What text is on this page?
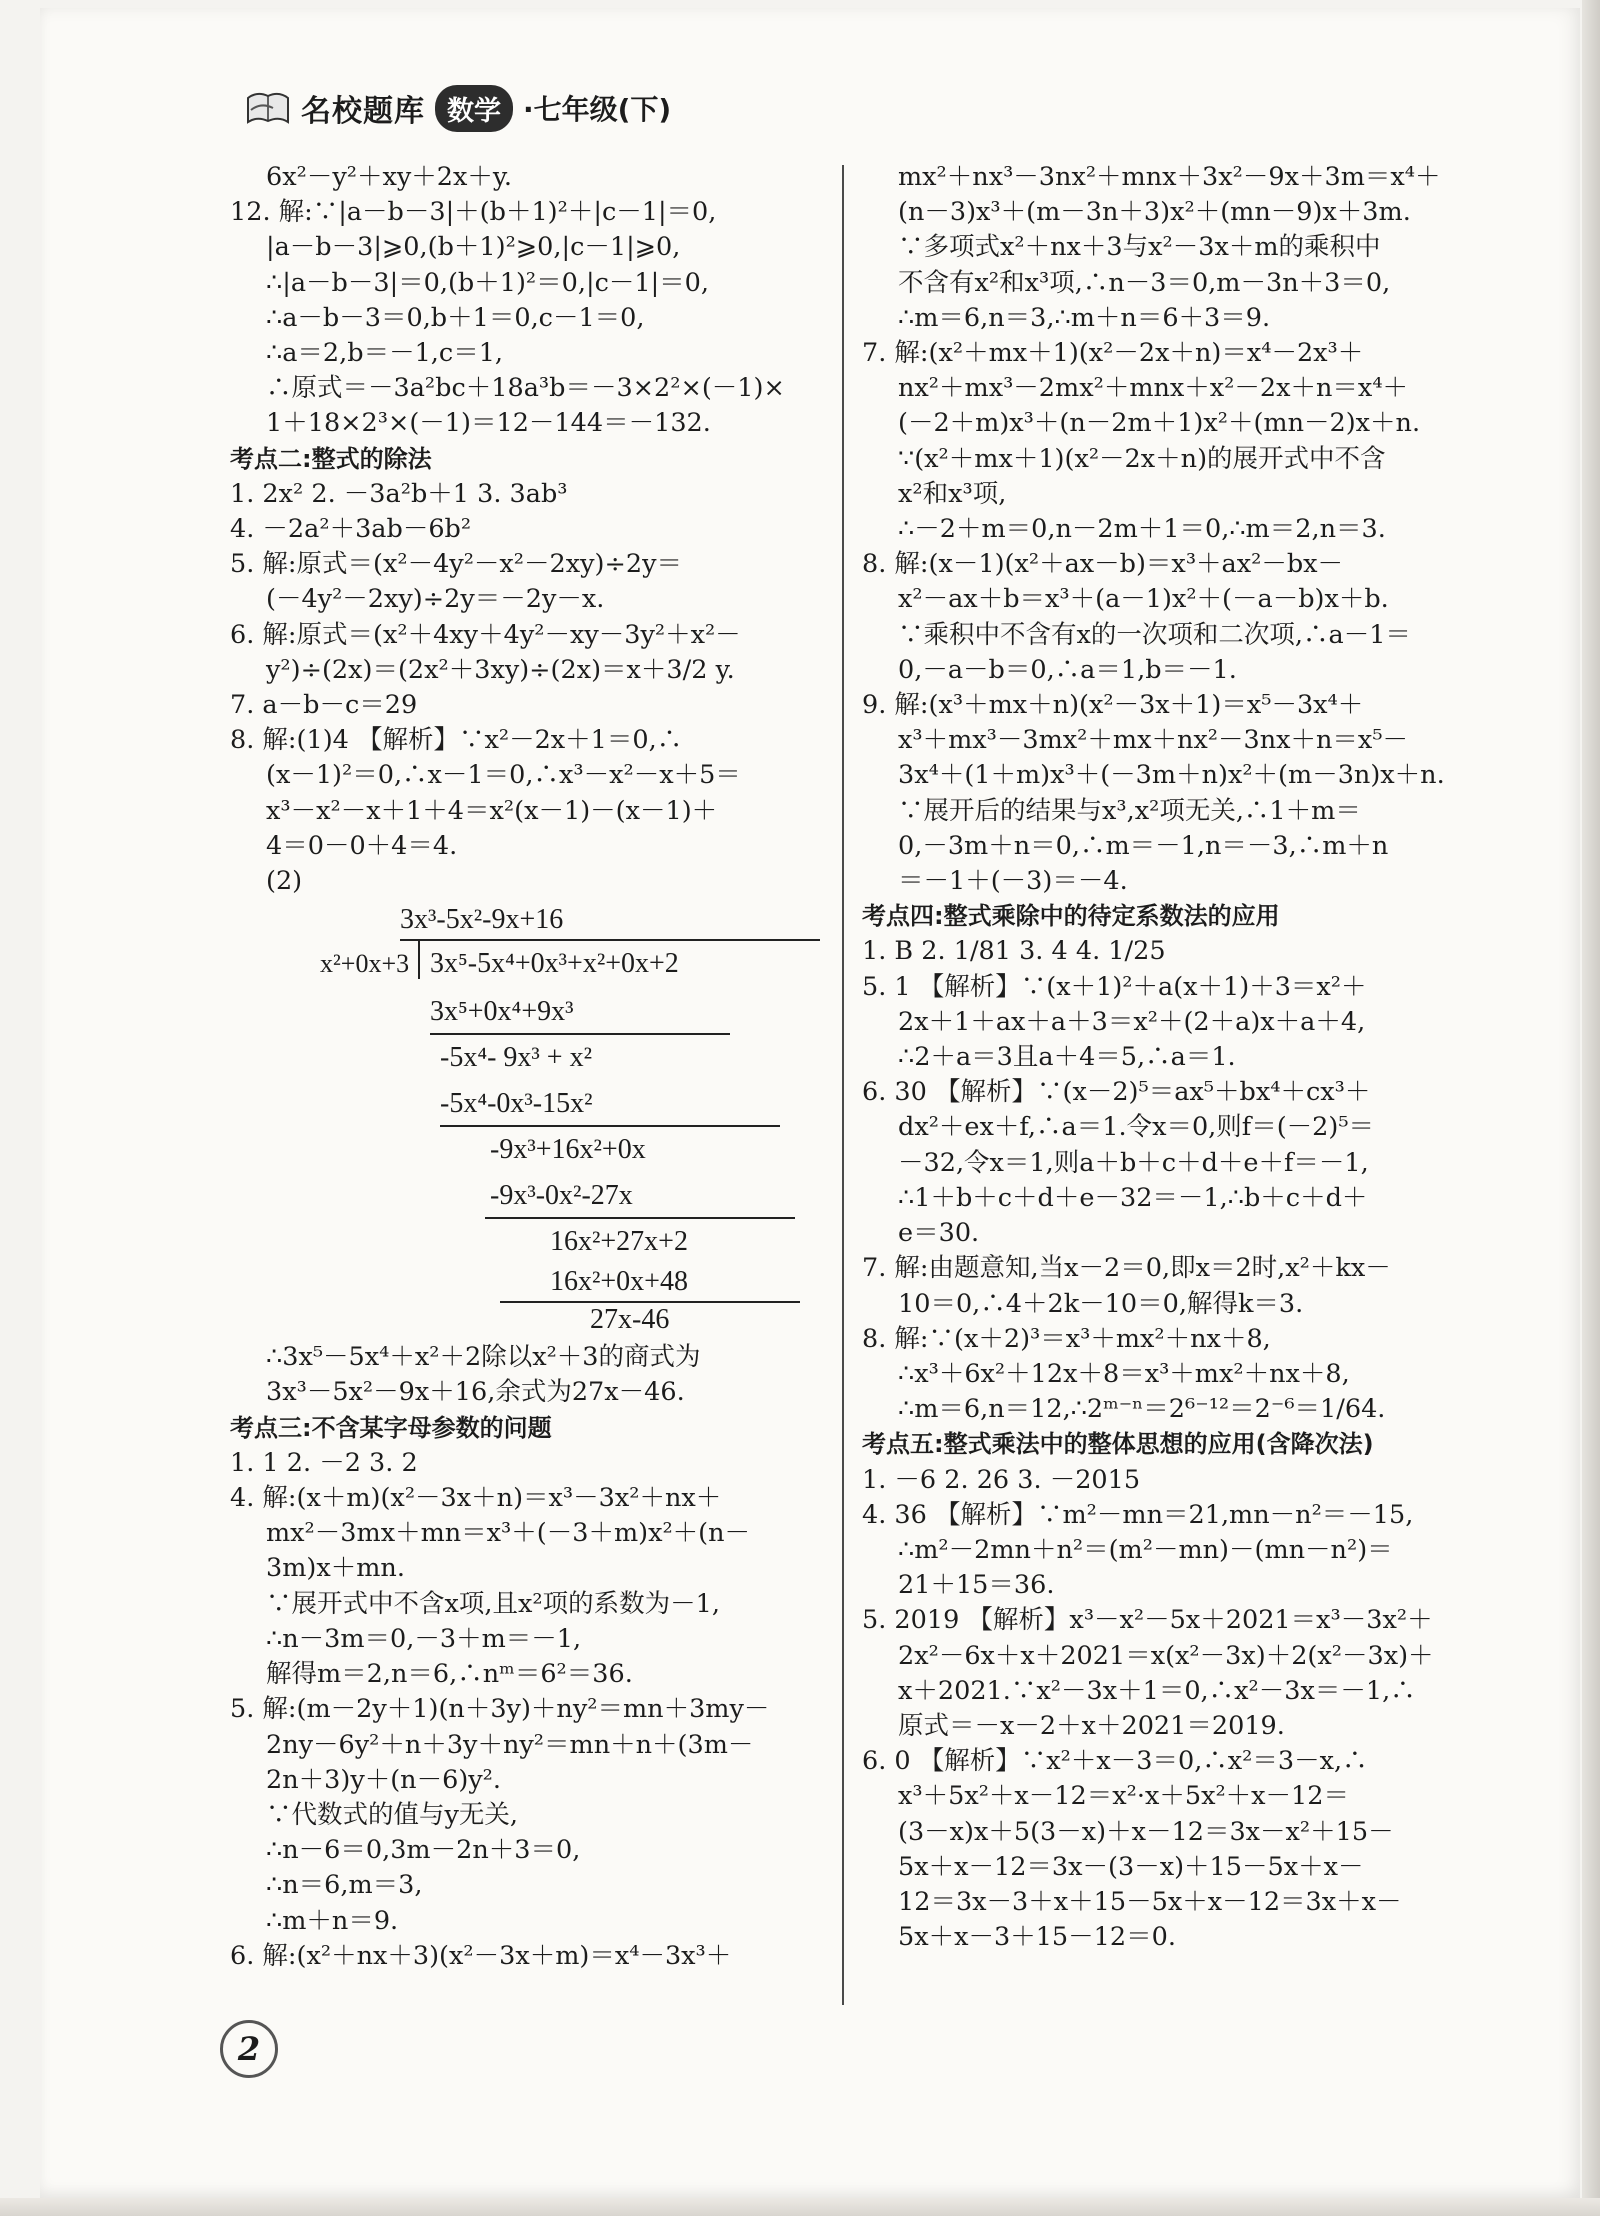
名校题库 数学 ·七年级(下)
6x²－y²＋xy＋2x＋y.
12. 解:∵|a－b－3|＋(b＋1)²＋|c－1|＝0,
|a－b－3|⩾0,(b＋1)²⩾0,|c－1|⩾0,
∴|a－b－3|＝0,(b＋1)²＝0,|c－1|＝0,
∴a－b－3＝0,b＋1＝0,c－1＝0,
∴a＝2,b＝－1,c＝1,
∴原式＝－3a²bc＋18a³b＝－3×2²×(－1)×
1＋18×2³×(－1)＝12－144＝－132.
考点二:整式的除法
1. 2x² 2. －3a²b＋1 3. 3ab³
4. －2a²＋3ab－6b²
5. 解:原式＝(x²－4y²－x²－2xy)÷2y＝
(－4y²－2xy)÷2y＝－2y－x.
6. 解:原式＝(x²＋4xy＋4y²－xy－3y²＋x²－
y²)÷(2x)＝(2x²＋3xy)÷(2x)＝x＋3/2 y.
7. a－b－c＝29
8. 解:(1)4 【解析】∵x²－2x＋1＝0,∴
(x－1)²＝0,∴x－1＝0,∴x³－x²－x＋5＝
x³－x²－x＋1＋4＝x²(x－1)－(x－1)＋
4＝0－0＋4＝4.
(2)
3x³-5x²-9x+16
x²+0x+3 3x⁵-5x⁴+0x³+x²+0x+2
3x⁵+0x⁴+9x³
-5x⁴- 9x³ + x²
-5x⁴-0x³-15x²
-9x³+16x²+0x
-9x³-0x²-27x
16x²+27x+2
16x²+0x+48
27x-46
∴3x⁵－5x⁴＋x²＋2除以x²＋3的商式为
3x³－5x²－9x＋16,余式为27x－46.
考点三:不含某字母参数的问题
1. 1 2. －2 3. 2
4. 解:(x＋m)(x²－3x＋n)＝x³－3x²＋nx＋
mx²－3mx＋mn＝x³＋(－3＋m)x²＋(n－
3m)x＋mn.
∵展开式中不含x项,且x²项的系数为－1,
∴n－3m＝0,－3＋m＝－1,
解得m＝2,n＝6,∴nᵐ＝6²＝36.
5. 解:(m－2y＋1)(n＋3y)＋ny²＝mn＋3my－
2ny－6y²＋n＋3y＋ny²＝mn＋n＋(3m－
2n＋3)y＋(n－6)y².
∵代数式的值与y无关,
∴n－6＝0,3m－2n＋3＝0,
∴n＝6,m＝3,
∴m＋n＝9.
6. 解:(x²＋nx＋3)(x²－3x＋m)＝x⁴－3x³＋
mx²＋nx³－3nx²＋mnx＋3x²－9x＋3m＝x⁴＋
(n－3)x³＋(m－3n＋3)x²＋(mn－9)x＋3m.
∵多项式x²＋nx＋3与x²－3x＋m的乘积中
不含有x²和x³项,∴n－3＝0,m－3n＋3＝0,
∴m＝6,n＝3,∴m＋n＝6＋3＝9.
7. 解:(x²＋mx＋1)(x²－2x＋n)＝x⁴－2x³＋
nx²＋mx³－2mx²＋mnx＋x²－2x＋n＝x⁴＋
(－2＋m)x³＋(n－2m＋1)x²＋(mn－2)x＋n.
∵(x²＋mx＋1)(x²－2x＋n)的展开式中不含
x²和x³项,
∴－2＋m＝0,n－2m＋1＝0,∴m＝2,n＝3.
8. 解:(x－1)(x²＋ax－b)＝x³＋ax²－bx－
x²－ax＋b＝x³＋(a－1)x²＋(－a－b)x＋b.
∵乘积中不含有x的一次项和二次项,∴a－1＝
0,－a－b＝0,∴a＝1,b＝－1.
9. 解:(x³＋mx＋n)(x²－3x＋1)＝x⁵－3x⁴＋
x³＋mx³－3mx²＋mx＋nx²－3nx＋n＝x⁵－
3x⁴＋(1＋m)x³＋(－3m＋n)x²＋(m－3n)x＋n.
∵展开后的结果与x³,x²项无关,∴1＋m＝
0,－3m＋n＝0,∴m＝－1,n＝－3,∴m＋n
＝－1＋(－3)＝－4.
考点四:整式乘除中的待定系数法的应用
1. B 2. 1/81 3. 4 4. 1/25
5. 1 【解析】∵(x＋1)²＋a(x＋1)＋3＝x²＋
2x＋1＋ax＋a＋3＝x²＋(2＋a)x＋a＋4,
∴2＋a＝3且a＋4＝5,∴a＝1.
6. 30 【解析】∵(x－2)⁵＝ax⁵＋bx⁴＋cx³＋
dx²＋ex＋f,∴a＝1.令x＝0,则f＝(－2)⁵＝
－32,令x＝1,则a＋b＋c＋d＋e＋f＝－1,
∴1＋b＋c＋d＋e－32＝－1,∴b＋c＋d＋
e＝30.
7. 解:由题意知,当x－2＝0,即x＝2时,x²＋kx－
10＝0,∴4＋2k－10＝0,解得k＝3.
8. 解:∵(x＋2)³＝x³＋mx²＋nx＋8,
∴x³＋6x²＋12x＋8＝x³＋mx²＋nx＋8,
∴m＝6,n＝12,∴2ᵐ⁻ⁿ＝2⁶⁻¹²＝2⁻⁶＝1/64.
考点五:整式乘法中的整体思想的应用(含降次法)
1. －6 2. 26 3. －2015
4. 36 【解析】∵m²－mn＝21,mn－n²＝－15,
∴m²－2mn＋n²＝(m²－mn)－(mn－n²)＝
21＋15＝36.
5. 2019 【解析】x³－x²－5x＋2021＝x³－3x²＋
2x²－6x＋x＋2021＝x(x²－3x)＋2(x²－3x)＋
x＋2021.∵x²－3x＋1＝0,∴x²－3x＝－1,∴
原式＝－x－2＋x＋2021＝2019.
6. 0 【解析】∵x²＋x－3＝0,∴x²＝3－x,∴
x³＋5x²＋x－12＝x²·x＋5x²＋x－12＝
(3－x)x＋5(3－x)＋x－12＝3x－x²＋15－
5x＋x－12＝3x－(3－x)＋15－5x＋x－
12＝3x－3＋x＋15－5x＋x－12＝3x＋x－
5x＋x－3＋15－12＝0.
2
